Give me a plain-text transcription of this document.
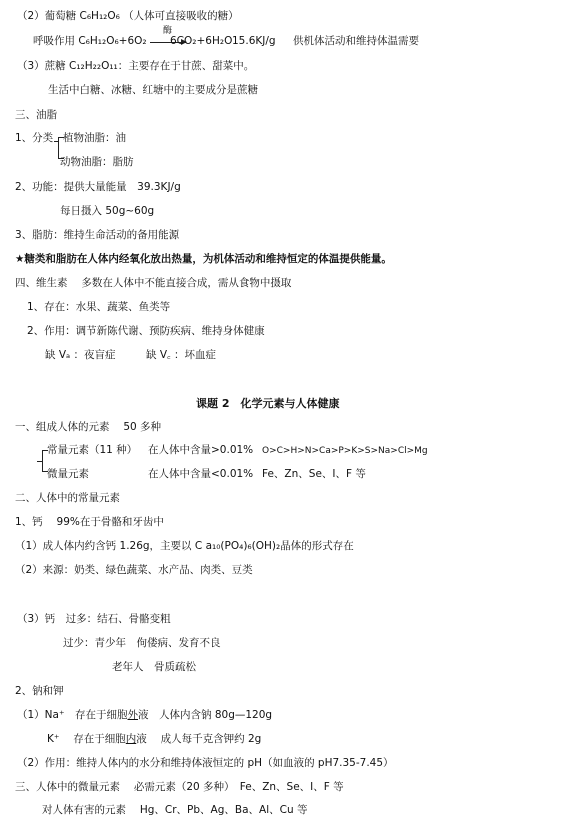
（2）葡萄糖 C₆H₁₂O₆ （人体可直接吸收的糖）
呼吸作用 C₆H₁₂O₆+6O₂
酶
6CO₂+6H₂O 15.6KJ/g 供机体活动和维持体温需要
（3）蔗糖 C₁₂H₂₂O₁₁：主要存在于甘蔗、甜菜中。
生活中白糖、冰糖、红塘中的主要成分是蔗糖
三、油脂
1、分类 植物油脂：油
动物油脂：脂肪
2、功能：提供大量能量　39.3KJ/g
每日摄入 50g~60g
3、脂肪：维持生命活动的备用能源
★糖类和脂肪在人体内经氧化放出热量，为机体活动和维持恒定的体温提供能量。
四、维生素　 多数在人体中不能直接合成，需从食物中摄取
1、存在：水果、蔬菜、鱼类等
2、作用：调节新陈代谢、预防疾病、维持身体健康
缺 Vₐ ：夜盲症	缺 V꜀ ：坏血症
课题 2　化学元素与人体健康
一、组成人体的元素　 50 多种
常量元素（11 种） 在人体中含量>0.01% O>C>H>N>Ca>P>K>S>Na>Cl>Mg
微量元素	在人体中含量<0.01% Fe、Zn、Se、I、F 等
二、人体中的常量元素
1、钙　 99%在于骨骼和牙齿中
（1）成人体内约含钙 1.26g，主要以 C a₁₀(PO₄)₆(OH)₂晶体的形式存在
（2）来源：奶类、绿色蔬菜、水产品、肉类、豆类
（3）钙　过多：结石、骨骼变粗
过少：青少年　佝偻病、发育不良
老年人　骨质疏松
2、钠和钾
（1）Na⁺　存在于细胞外液　人体内含钠 80g—120g
K⁺　 存在于细胞内液　 成人每千克含钾约 2g
（2）作用：维持人体内的水分和维持体液恒定的 pH（如血液的 pH7.35-7.45）
三、人体中的微量元素　 必需元素（20 多种）　Fe、Zn、Se、I、F 等
对人体有害的元素　 Hg、Cr、Pb、Ag、Ba、Al、Cu 等
